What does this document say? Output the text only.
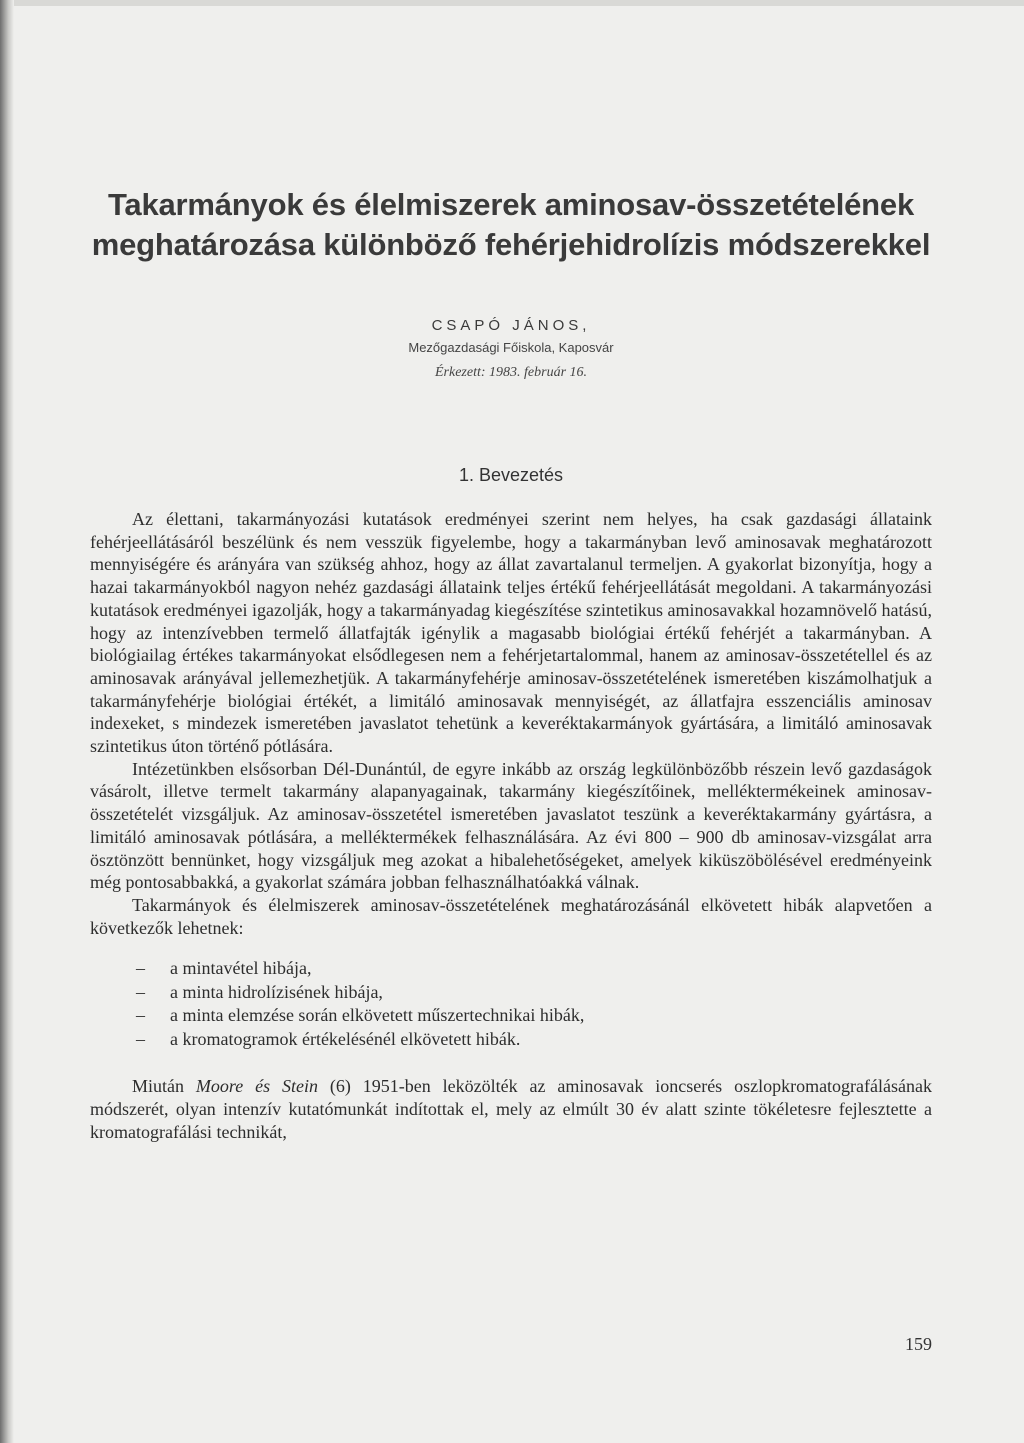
Takarmányok és élelmiszerek aminosav-összetételének
meghatározása különböző fehérjehidrolízis módszerekkel
CSAPÓ JÁNOS,
Mezőgazdasági Főiskola, Kaposvár
Érkezett: 1983. február 16.
1. Bevezetés

Az élettani, takarmányozási kutatások eredményei szerint nem helyes, ha csak gazdasági állataink fehérjeellátásáról beszélünk és nem vesszük figyelembe, hogy a takarmányban levő aminosavak meghatározott mennyiségére és arányára van szükség ahhoz, hogy az állat zavartalanul termeljen. A gyakorlat bizonyítja, hogy a hazai takarmányokból nagyon nehéz gazdasági állataink teljes értékű fehérjeellátását megoldani. A takarmányozási kutatások eredményei igazolják, hogy a takarmányadag kiegészítése szintetikus aminosavakkal hozamnövelő hatású, hogy az intenzívebben termelő állatfajták igénylik a magasabb biológiai értékű fehérjét a takarmányban. A biológiailag értékes takarmányokat elsődlegesen nem a fehérjetartalommal, hanem az aminosav-összetétellel és az aminosavak arányával jellemezhetjük. A takarmányfehérje aminosav-összetételének ismeretében kiszámolhatjuk a takarmányfehérje biológiai értékét, a limitáló aminosavak mennyiségét, az állatfajra esszenciális aminosav indexeket, s mindezek ismeretében javaslatot tehetünk a keveréktakarmányok gyártására, a limitáló aminosavak szintetikus úton történő pótlására.

Intézetünkben elsősorban Dél-Dunántúl, de egyre inkább az ország legkülönbözőbb részein levő gazdaságok vásárolt, illetve termelt takarmány alapanyagainak, takarmány kiegészítőinek, melléktermékeinek aminosav-összetételét vizsgáljuk. Az aminosav-összetétel ismeretében javaslatot teszünk a keveréktakarmány gyártásra, a limitáló aminosavak pótlására, a melléktermékek felhasználására. Az évi 800 – 900 db aminosav-vizsgálat arra ösztönzött bennünket, hogy vizsgáljuk meg azokat a hibalehetőségeket, amelyek kiküszöbölésével eredményeink még pontosabbakká, a gyakorlat számára jobban felhasználhatóakká válnak.

Takarmányok és élelmiszerek aminosav-összetételének meghatározásánál elkövetett hibák alapvetően a következők lehetnek:

–	a mintavétel hibája,
–	a minta hidrolízisének hibája,
–	a minta elemzése során elkövetett műszertechnikai hibák,
–	a kromatogramok értékelésénél elkövetett hibák.

Miután Moore és Stein (6) 1951-ben leközölték az aminosavak ioncserés oszlopkromatografálásának módszerét, olyan intenzív kutatómunkát indítottak el, mely az elmúlt 30 év alatt szinte tökéletesre fejlesztette a kromatografálási technikát,

159
